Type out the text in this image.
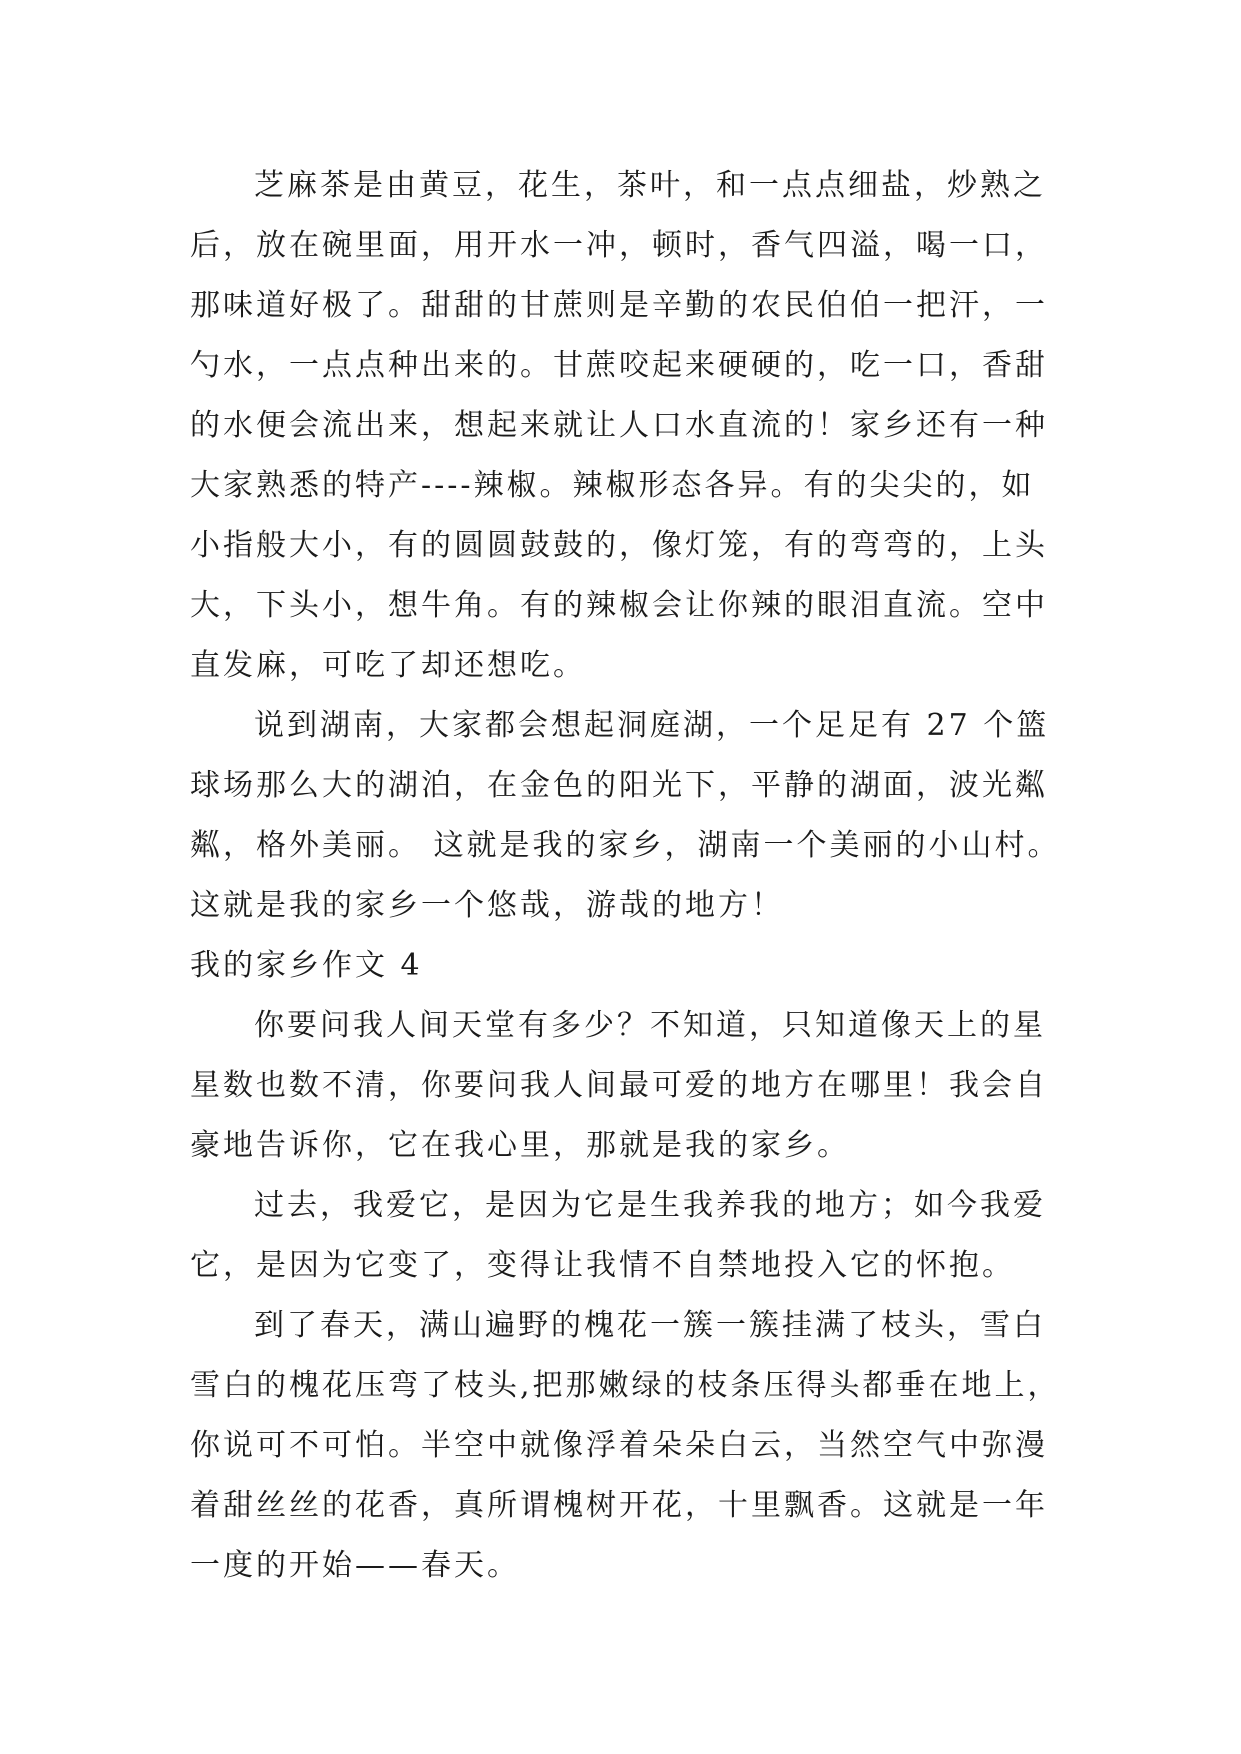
芝麻茶是由黄豆，花生，茶叶，和一点点细盐，炒熟之
后，放在碗里面，用开水一冲，顿时，香气四溢，喝一口，
那味道好极了。甜甜的甘蔗则是辛勤的农民伯伯一把汗，一
勺水，一点点种出来的。甘蔗咬起来硬硬的，吃一口，香甜
的水便会流出来，想起来就让人口水直流的！家乡还有一种
大家熟悉的特产----辣椒。辣椒形态各异。有的尖尖的，如
小指般大小，有的圆圆鼓鼓的，像灯笼，有的弯弯的，上头
大，下头小，想牛角。有的辣椒会让你辣的眼泪直流。空中
直发麻，可吃了却还想吃。
说到湖南，大家都会想起洞庭湖，一个足足有 27 个篮
球场那么大的湖泊，在金色的阳光下，平静的湖面，波光粼
粼，格外美丽。 这就是我的家乡，湖南一个美丽的小山村。
这就是我的家乡一个悠哉，游哉的地方！
我的家乡作文 4
你要问我人间天堂有多少？不知道，只知道像天上的星
星数也数不清，你要问我人间最可爱的地方在哪里！我会自
豪地告诉你，它在我心里，那就是我的家乡。
过去，我爱它，是因为它是生我养我的地方；如今我爱
它，是因为它变了，变得让我情不自禁地投入它的怀抱。
到了春天，满山遍野的槐花一簇一簇挂满了枝头，雪白
雪白的槐花压弯了枝头,把那嫩绿的枝条压得头都垂在地上，
你说可不可怕。半空中就像浮着朵朵白云，当然空气中弥漫
着甜丝丝的花香，真所谓槐树开花，十里飘香。这就是一年
一度的开始——春天。
